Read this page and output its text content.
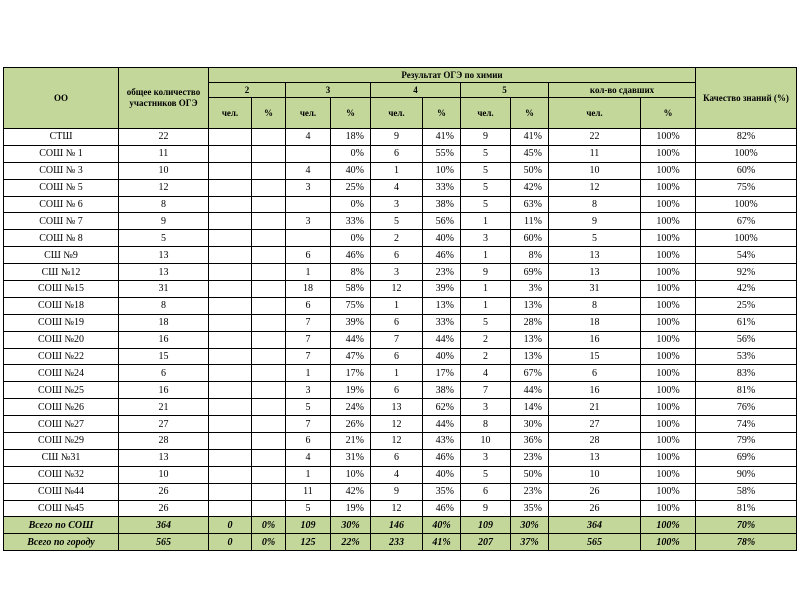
ОО	общее количество участников ОГЭ	Результат ОГЭ по химии										Качество знаний (%)
		2		3		4		5		кол-во сдавших		
		чел.	%	чел.	%	чел.	%	чел.	%	чел.	%	
СТШ	22			4	18%	9	41%	9	41%	22	100%	82%
СОШ № 1	11				0%	6	55%	5	45%	11	100%	100%
СОШ № 3	10			4	40%	1	10%	5	50%	10	100%	60%
СОШ № 5	12			3	25%	4	33%	5	42%	12	100%	75%
СОШ № 6	8				0%	3	38%	5	63%	8	100%	100%
СОШ № 7	9			3	33%	5	56%	1	11%	9	100%	67%
СОШ № 8	5				0%	2	40%	3	60%	5	100%	100%
СШ №9	13			6	46%	6	46%	1	8%	13	100%	54%
СШ №12	13			1	8%	3	23%	9	69%	13	100%	92%
СОШ №15	31			18	58%	12	39%	1	3%	31	100%	42%
СОШ №18	8			6	75%	1	13%	1	13%	8	100%	25%
СОШ №19	18			7	39%	6	33%	5	28%	18	100%	61%
СОШ №20	16			7	44%	7	44%	2	13%	16	100%	56%
СОШ №22	15			7	47%	6	40%	2	13%	15	100%	53%
СОШ №24	6			1	17%	1	17%	4	67%	6	100%	83%
СОШ №25	16			3	19%	6	38%	7	44%	16	100%	81%
СОШ №26	21			5	24%	13	62%	3	14%	21	100%	76%
СОШ №27	27			7	26%	12	44%	8	30%	27	100%	74%
СОШ №29	28			6	21%	12	43%	10	36%	28	100%	79%
СШ №31	13			4	31%	6	46%	3	23%	13	100%	69%
СОШ №32	10			1	10%	4	40%	5	50%	10	100%	90%
СОШ №44	26			11	42%	9	35%	6	23%	26	100%	58%
СОШ №45	26			5	19%	12	46%	9	35%	26	100%	81%
Всего по СОШ	364	0	0%	109	30%	146	40%	109	30%	364	100%	70%
Всего по городу	565	0	0%	125	22%	233	41%	207	37%	565	100%	78%
